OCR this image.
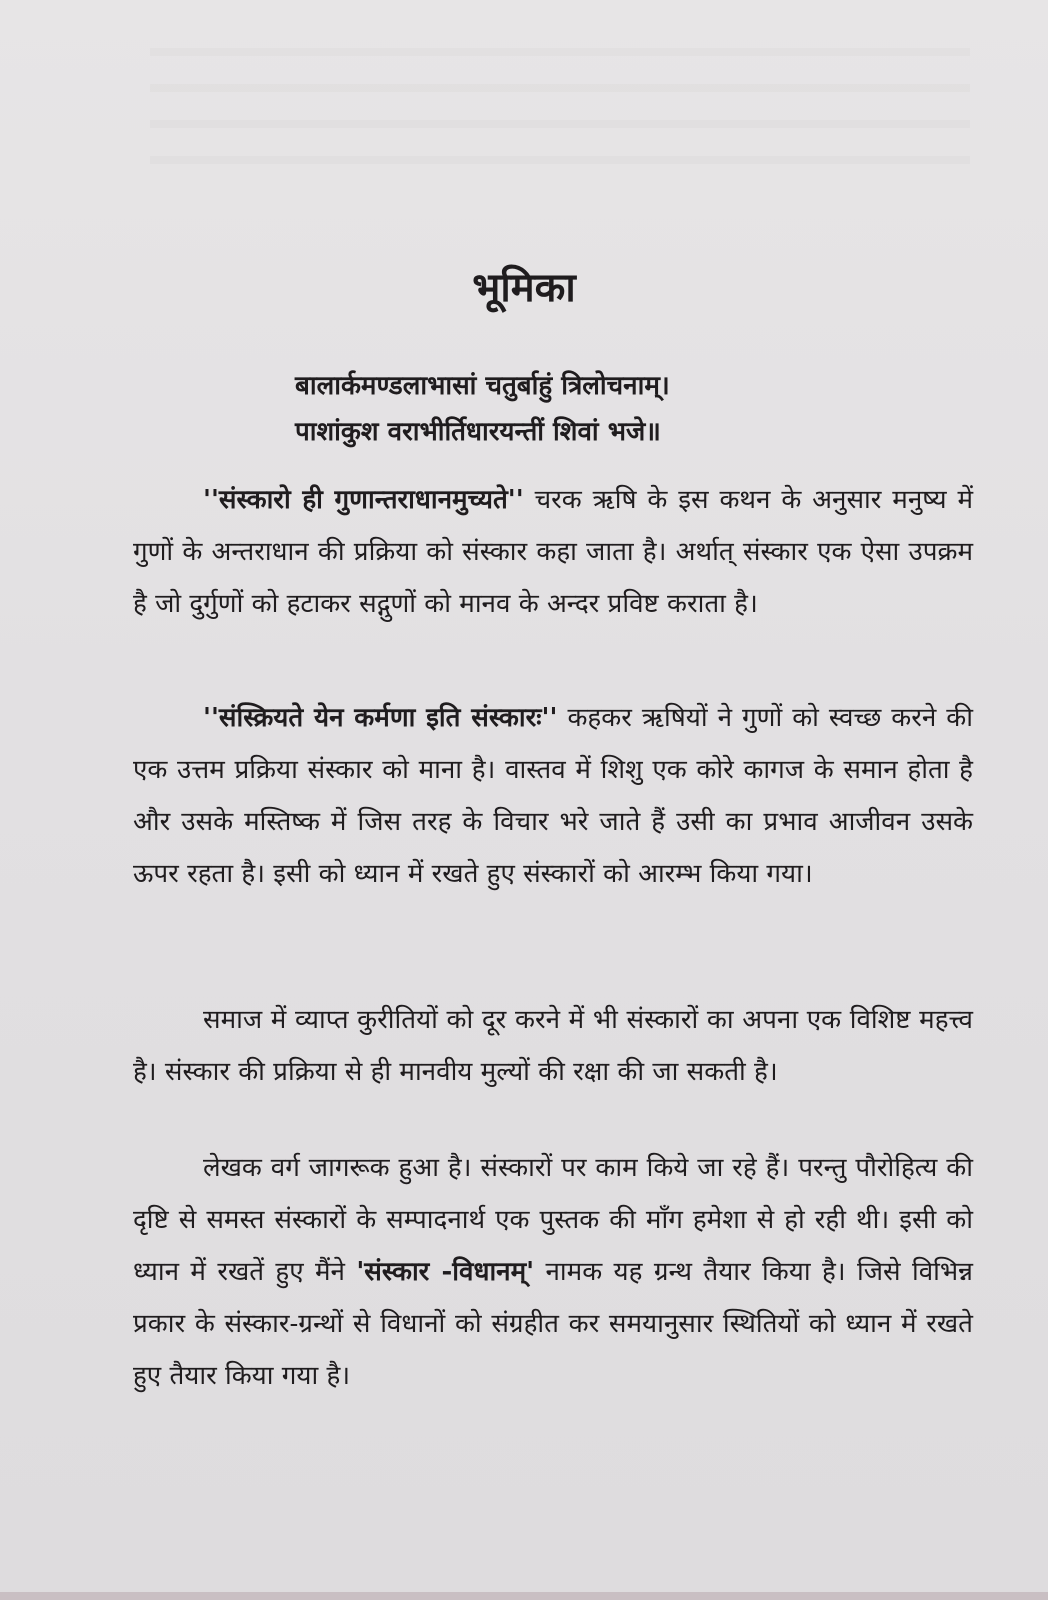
भूमिका
बालार्कमण्डलाभासां चतुर्बाहुं त्रिलोचनाम्।
पाशांकुश वराभीर्तिधारयन्तीं शिवां भजे॥

''संस्कारो ही गुणान्तराधानमुच्यते'' चरक ऋषि के इस कथन के अनुसार मनुष्य में गुणों के अन्तराधान की प्रक्रिया को संस्कार कहा जाता है। अर्थात् संस्कार एक ऐसा उपक्रम है जो दुर्गुणों को हटाकर सद्गुणों को मानव के अन्दर प्रविष्ट कराता है।

''संस्क्रियते येन कर्मणा इति संस्कारः'' कहकर ऋषियों ने गुणों को स्वच्छ करने की एक उत्तम प्रक्रिया संस्कार को माना है। वास्तव में शिशु एक कोरे कागज के समान होता है और उसके मस्तिष्क में जिस तरह के विचार भरे जाते हैं उसी का प्रभाव आजीवन उसके ऊपर रहता है। इसी को ध्यान में रखते हुए संस्कारों को आरम्भ किया गया।

समाज में व्याप्त कुरीतियों को दूर करने में भी संस्कारों का अपना एक विशिष्ट महत्त्व है। संस्कार की प्रक्रिया से ही मानवीय मुल्यों की रक्षा की जा सकती है।

लेखक वर्ग जागरूक हुआ है। संस्कारों पर काम किये जा रहे हैं। परन्तु पौरोहित्य की दृष्टि से समस्त संस्कारों के सम्पादनार्थ एक पुस्तक की माँग हमेशा से हो रही थी। इसी को ध्यान में रखतें हुए मैंने 'संस्कार -विधानम्' नामक यह ग्रन्थ तैयार किया है। जिसे विभिन्न प्रकार के संस्कार-ग्रन्थों से विधानों को संग्रहीत कर समयानुसार स्थितियों को ध्यान में रखते हुए तैयार किया गया है।
